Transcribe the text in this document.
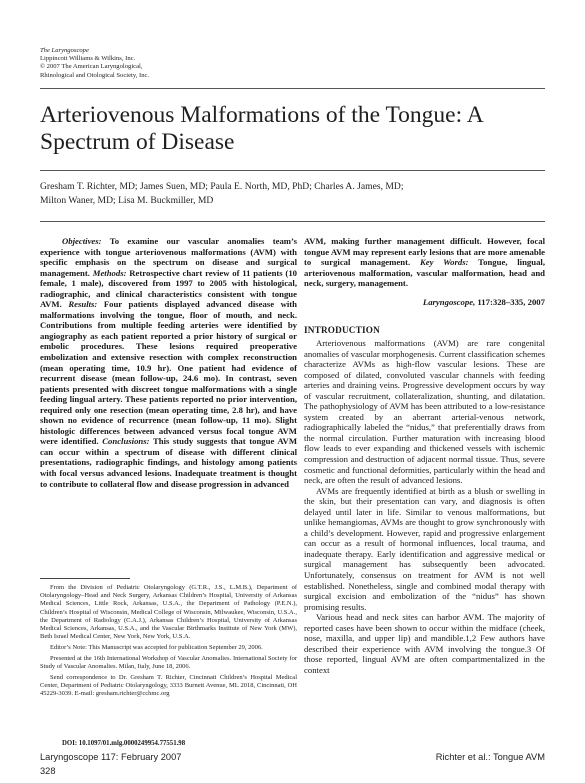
The Laryngoscope
Lippincott Williams & Wilkins, Inc.
© 2007 The American Laryngological,
Rhinological and Otological Society, Inc.
Arteriovenous Malformations of the Tongue: A Spectrum of Disease
Gresham T. Richter, MD; James Suen, MD; Paula E. North, MD, PhD; Charles A. James, MD;
Milton Waner, MD; Lisa M. Buckmiller, MD

Objectives: To examine our vascular anomalies team’s experience with tongue arteriovenous malformations (AVM) with specific emphasis on the spectrum on disease and surgical management. Methods: Retrospective chart review of 11 patients (10 female, 1 male), discovered from 1997 to 2005 with histological, radiographic, and clinical characteristics consistent with tongue AVM. Results: Four patients displayed advanced disease with malformations involving the tongue, floor of mouth, and neck. Contributions from multiple feeding arteries were identified by angiography as each patient reported a prior history of surgical or embolic procedures. These lesions required preoperative embolization and extensive resection with complex reconstruction (mean operating time, 10.9 hr). One patient had evidence of recurrent disease (mean follow-up, 24.6 mo). In contrast, seven patients presented with discreet tongue malformations with a single feeding lingual artery. These patients reported no prior intervention, required only one resection (mean operating time, 2.8 hr), and have shown no evidence of recurrence (mean follow-up, 11 mo). Slight histologic differences between advanced versus focal tongue AVM were identified. Conclusions: This study suggests that tongue AVM can occur within a spectrum of disease with different clinical presentations, radiographic findings, and histology among patients with focal versus advanced lesions. Inadequate treatment is thought to contribute to collateral flow and disease progression in advanced

AVM, making further management difficult. However, focal tongue AVM may represent early lesions that are more amenable to surgical management. Key Words: Tongue, lingual, arteriovenous malformation, vascular malformation, head and neck, surgery, management.

Laryngoscope, 117:328–335, 2007
INTRODUCTION

Arteriovenous malformations (AVM) are rare congenital anomalies of vascular morphogenesis. Current classification schemes characterize AVMs as high-flow vascular lesions. These are composed of dilated, convoluted vascular channels with feeding arteries and draining veins. Progressive development occurs by way of vascular recruitment, collateralization, shunting, and dilatation. The pathophysiology of AVM has been attributed to a low-resistance system created by an aberrant arterial-venous network, radiographically labeled the “nidus,” that preferentially draws from the normal circulation. Further maturation with increasing blood flow leads to ever expanding and thickened vessels with ischemic compression and destruction of adjacent normal tissue. Thus, severe cosmetic and functional deformities, particularly within the head and neck, are often the result of advanced lesions.

AVMs are frequently identified at birth as a blush or swelling in the skin, but their presentation can vary, and diagnosis is often delayed until later in life. Similar to venous malformations, but unlike hemangiomas, AVMs are thought to grow synchronously with a child’s development. However, rapid and progressive enlargement can occur as a result of hormonal influences, local trauma, and inadequate therapy. Early identification and aggressive medical or surgical management has subsequently been advocated. Unfortunately, consensus on treatment for AVM is not well established. Nonetheless, single and combined modal therapy with surgical excision and embolization of the “nidus” has shown promising results.

Various head and neck sites can harbor AVM. The majority of reported cases have been shown to occur within the midface (cheek, nose, maxilla, and upper lip) and mandible.1,2 Few authors have described their experience with AVM involving the tongue.3 Of those reported, lingual AVM are often compartmentalized in the context

From the Division of Pediatric Otolaryngology (G.T.R., J.S., L.M.B.), Department of Otolaryngology–Head and Neck Surgery, Arkansas Children’s Hospital, University of Arkansas Medical Sciences, Little Rock, Arkansas, U.S.A., the Department of Pathology (P.E.N.), Children’s Hospital of Wisconsin, Medical College of Wisconsin, Milwaukee, Wisconsin, U.S.A., the Department of Radiology (C.A.J.), Arkansas Children’s Hospital, University of Arkansas Medical Sciences, Arkansas, U.S.A., and the Vascular Birthmarks Institute of New York (MW), Beth Israel Medical Center, New York, New York, U.S.A.

Editor’s Note: This Manuscript was accepted for publication September 29, 2006.

Presented at the 16th International Workshop of Vascular Anomalies. International Society for Study of Vascular Anomalies. Milan, Italy, June 18, 2006.

Send correspondence to Dr. Gresham T. Richter, Cincinnati Children’s Hospital Medical Center, Department of Pediatric Otolaryngology, 3333 Burnett Avenue, ML 2018, Cincinnati, OH 45229-3039. E-mail: gresham.richter@cchmc.org

DOI: 10.1097/01.mlg.0000249954.77551.98
Laryngoscope 117: February 2007	Richter et al.: Tongue AVM
328
